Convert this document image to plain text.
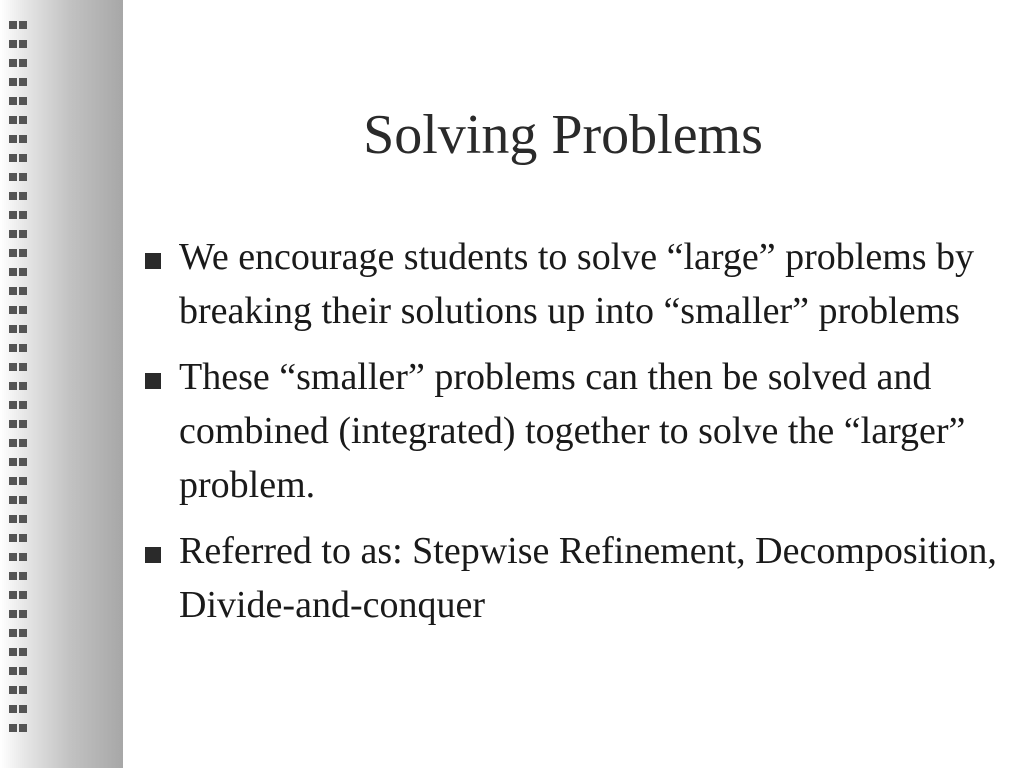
Solving Problems
We encourage students to solve “large” problems by breaking their solutions up into “smaller” problems
These “smaller” problems can then be solved and combined (integrated) together to solve the “larger” problem.
Referred to as: Stepwise Refinement, Decomposition, Divide-and-conquer
